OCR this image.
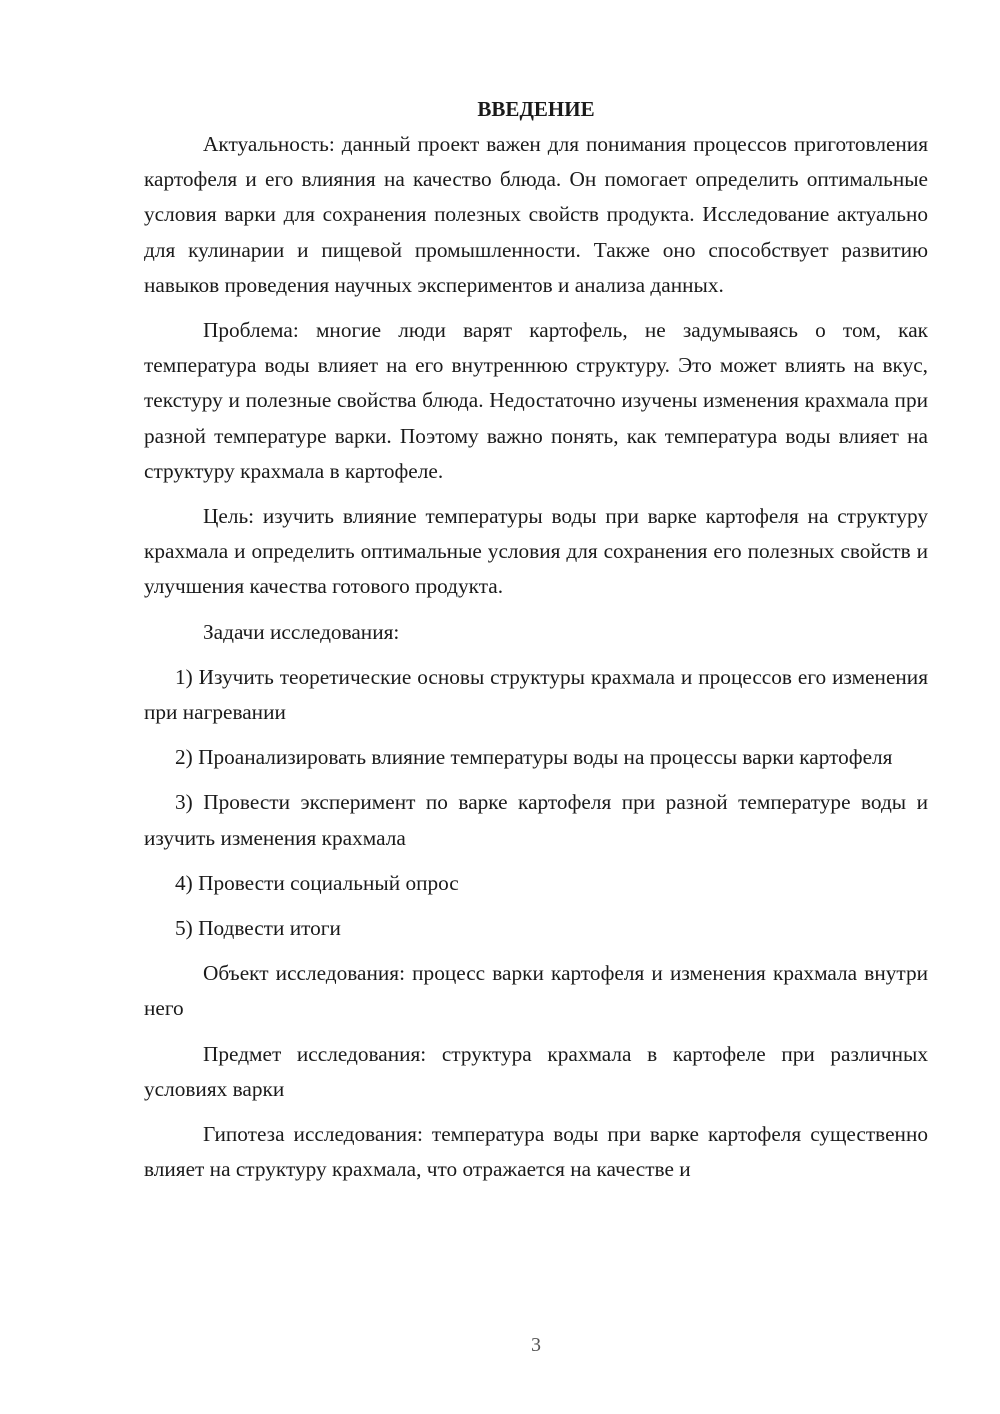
ВВЕДЕНИЕ

Актуальность: данный проект важен для понимания процессов приготовления картофеля и его влияния на качество блюда. Он помогает определить оптимальные условия варки для сохранения полезных свойств продукта. Исследование актуально для кулинарии и пищевой промышленности. Также оно способствует развитию навыков проведения научных экспериментов и анализа данных.

Проблема: многие люди варят картофель, не задумываясь о том, как температура воды влияет на его внутреннюю структуру. Это может влиять на вкус, текстуру и полезные свойства блюда. Недостаточно изучены изменения крахмала при разной температуре варки. Поэтому важно понять, как температура воды влияет на структуру крахмала в картофеле.

Цель: изучить влияние температуры воды при варке картофеля на структуру крахмала и определить оптимальные условия для сохранения его полезных свойств и улучшения качества готового продукта.

Задачи исследования:

1) Изучить теоретические основы структуры крахмала и процессов его изменения при нагревании

2) Проанализировать влияние температуры воды на процессы варки картофеля

3) Провести эксперимент по варке картофеля при разной температуре воды и изучить изменения крахмала

4) Провести социальный опрос

5) Подвести итоги

Объект исследования: процесс варки картофеля и изменения крахмала внутри него

Предмет исследования: структура крахмала в картофеле при различных условиях варки

Гипотеза исследования: температура воды при варке картофеля существенно влияет на структуру крахмала, что отражается на качестве и

3
